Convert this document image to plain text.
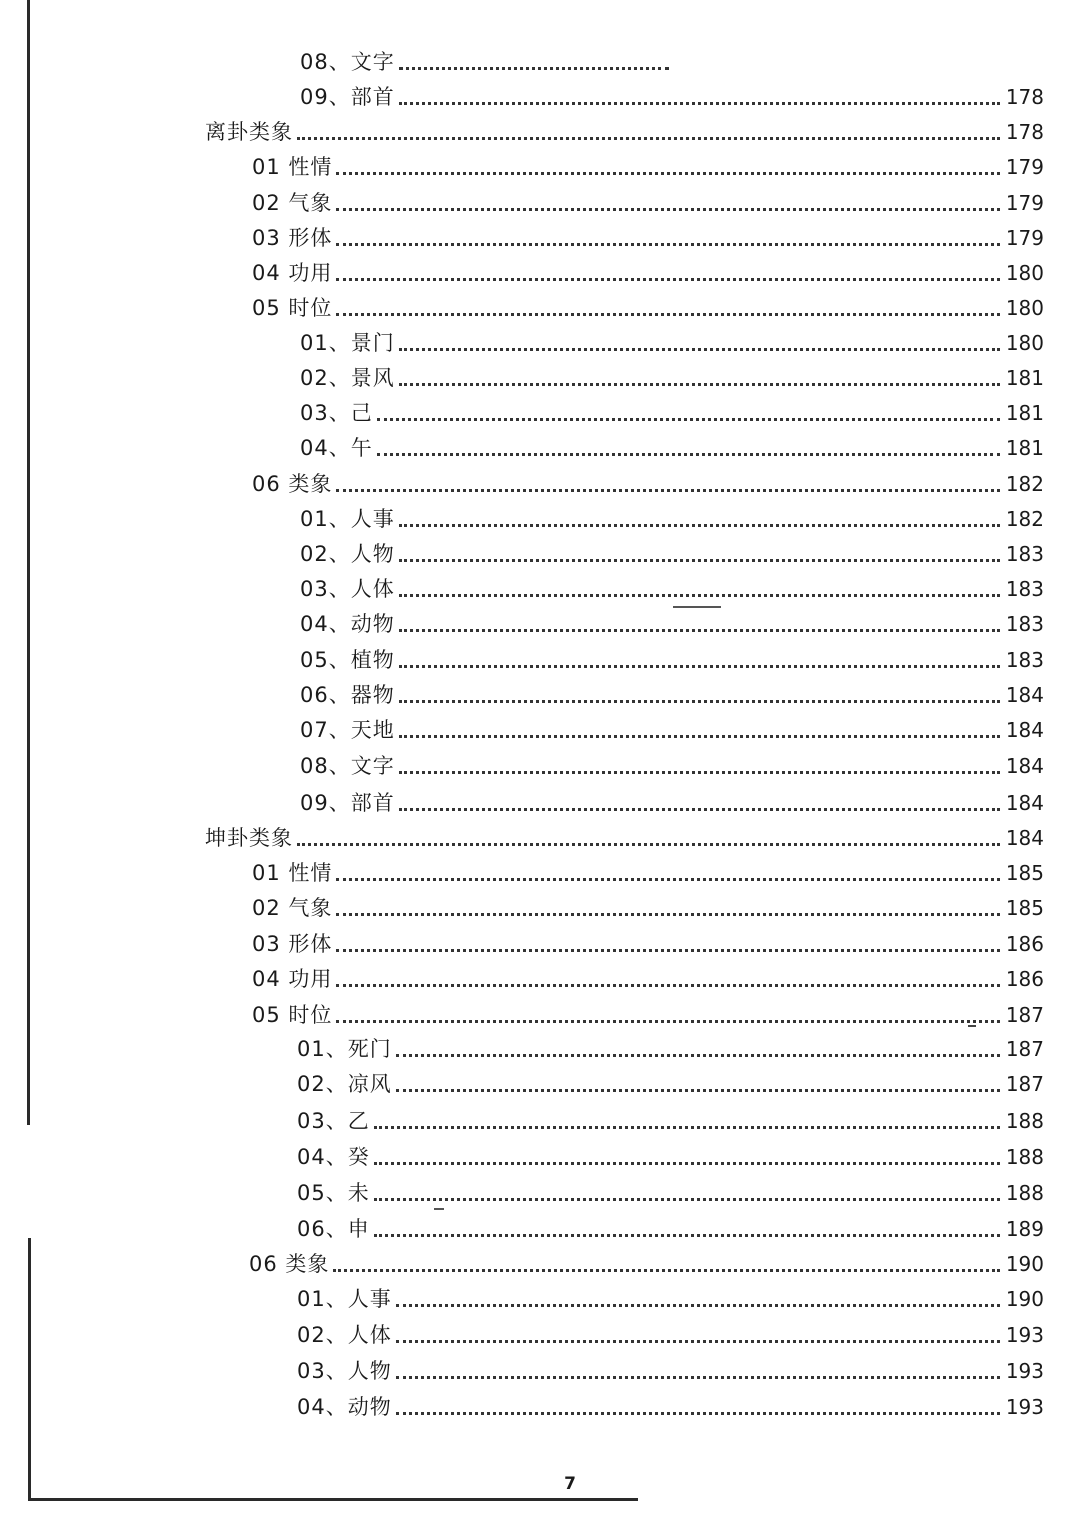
08、文字
09、部首	178
离卦类象	178
01 性情	179
02 气象	179
03 形体	179
04 功用	180
05 时位	180
01、景门	180
02、景风	181
03、己	181
04、午	181
06 类象	182
01、人事	182
02、人物	183
03、人体	183
04、动物	183
05、植物	183
06、器物	184
07、天地	184
08、文字	184
09、部首	184
坤卦类象	184
01 性情	185
02 气象	185
03 形体	186
04 功用	186
05 时位	187
01、死门	187
02、凉风	187
03、乙	188
04、癸	188
05、未	188
06、申	189
06 类象	190
01、人事	190
02、人体	193
03、人物	193
04、动物	193
7
